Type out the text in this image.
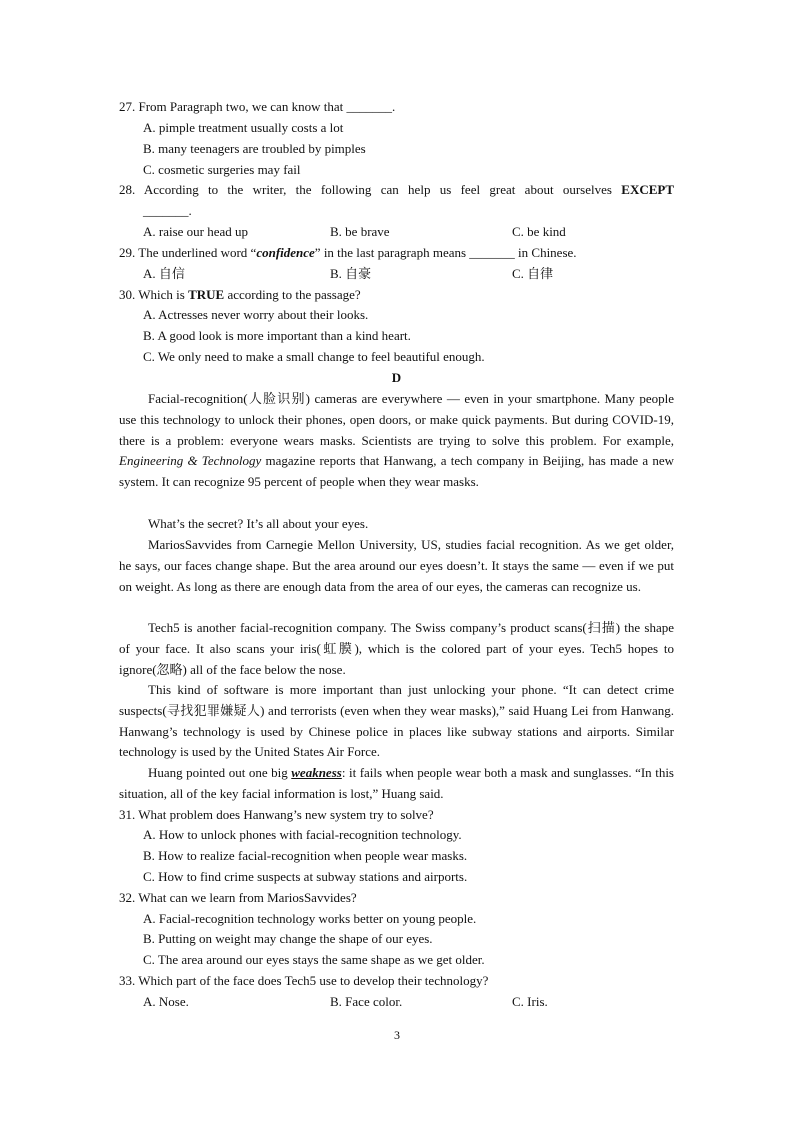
27. From Paragraph two, we can know that _______.
A. pimple treatment usually costs a lot
B. many teenagers are troubled by pimples
C. cosmetic surgeries may fail
28. According to the writer, the following can help us feel great about ourselves EXCEPT
_______.
A. raise our head up	B. be brave	C. be kind
29. The underlined word “confidence” in the last paragraph means _______ in Chinese.
A. 自信	B. 自豪	C. 自律
30. Which is TRUE according to the passage?
A. Actresses never worry about their looks.
B. A good look is more important than a kind heart.
C. We only need to make a small change to feel beautiful enough.
D
Facial-recognition(人脸识别) cameras are everywhere — even in your smartphone. Many people use this technology to unlock their phones, open doors, or make quick payments. But during COVID-19, there is a problem: everyone wears masks. Scientists are trying to solve this problem. For example, Engineering & Technology magazine reports that Hanwang, a tech company in Beijing, has made a new system. It can recognize 95 percent of people when they wear masks.
What’s the secret? It’s all about your eyes.
MariosSavvides from Carnegie Mellon University, US, studies facial recognition. As we get older, he says, our faces change shape. But the area around our eyes doesn’t. It stays the same — even if we put on weight. As long as there are enough data from the area of our eyes, the cameras can recognize us.
Tech5 is another facial-recognition company. The Swiss company’s product scans(扫描) the shape of your face. It also scans your iris(虹膜), which is the colored part of your eyes. Tech5 hopes to ignore(忽略) all of the face below the nose.
This kind of software is more important than just unlocking your phone. “It can detect crime suspects(寻找犯罪嫌疑人) and terrorists (even when they wear masks),” said Huang Lei from Hanwang. Hanwang’s technology is used by Chinese police in places like subway stations and airports. Similar technology is used by the United States Air Force.
Huang pointed out one big weakness: it fails when people wear both a mask and sunglasses. “In this situation, all of the key facial information is lost,” Huang said.
31. What problem does Hanwang’s new system try to solve?
A. How to unlock phones with facial-recognition technology.
B. How to realize facial-recognition when people wear masks.
C. How to find crime suspects at subway stations and airports.
32. What can we learn from MariosSavvides?
A. Facial-recognition technology works better on young people.
B. Putting on weight may change the shape of our eyes.
C. The area around our eyes stays the same shape as we get older.
33. Which part of the face does Tech5 use to develop their technology?
A. Nose.	B. Face color.	C. Iris.
3
